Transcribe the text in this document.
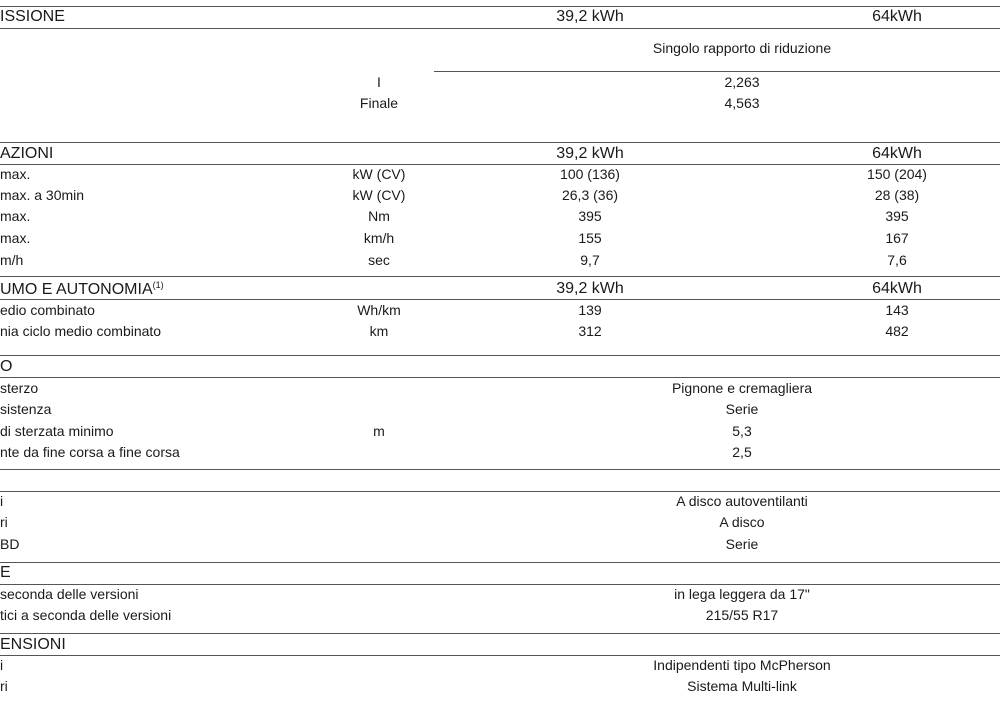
ISSIONE	39,2 kWh	64kWh
Singolo rapporto di riduzione
I	2,263
Finale	4,563
AZIONI	39,2 kWh	64kWh
max.	kW (CV)	100 (136)	150 (204)
max. a 30min	kW (CV)	26,3 (36)	28 (38)
max.	Nm	395	395
max.	km/h	155	167
m/h	sec	9,7	7,6
UMO E AUTONOMIA$^{(1)}$	39,2 kWh	64kWh
edio combinato	Wh/km	139	143
nia ciclo medio combinato	km	312	482
O
sterzo	Pignone e cremagliera
sistenza	Serie
di sterzata minimo	m	5,3
nte da fine corsa a fine corsa	2,5
i	A disco autoventilanti
ri	A disco
BD	Serie
E
seconda delle versioni	in lega leggera da 17"
tici a seconda delle versioni	215/55 R17
ENSIONI
i	Indipendenti tipo McPherson
ri	Sistema Multi-link
